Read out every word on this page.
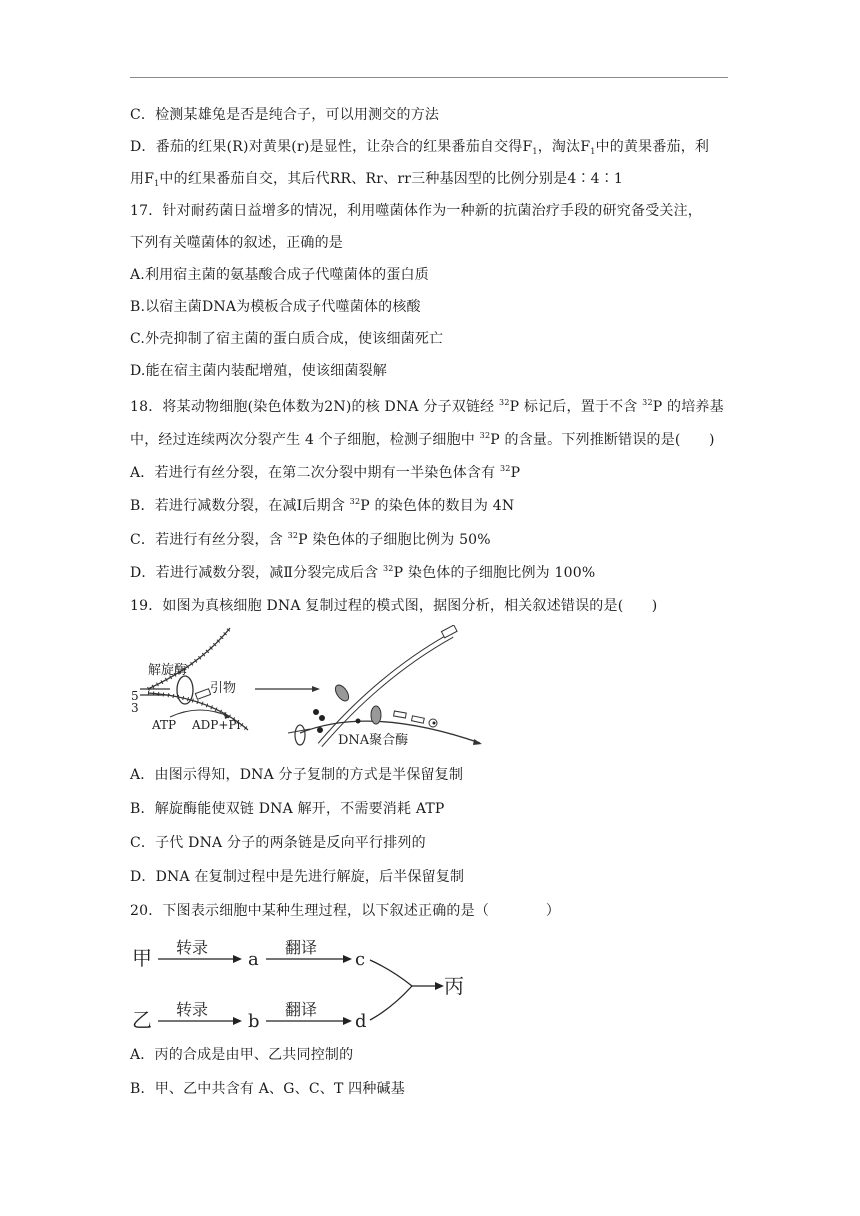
C．检测某雄兔是否是纯合子，可以用测交的方法
D．番茄的红果(R)对黄果(r)是显性，让杂合的红果番茄自交得$F_1$，淘汰$F_1$中的黄果番茄，利
用$F_1$中的红果番茄自交，其后代RR、Rr、rr三种基因型的比例分别是4∶4∶1
17．针对耐药菌日益增多的情况，利用噬菌体作为一种新的抗菌治疗手段的研究备受关注，
下列有关噬菌体的叙述，正确的是
A.利用宿主菌的氨基酸合成子代噬菌体的蛋白质
B.以宿主菌DNA为模板合成子代噬菌体的核酸
C.外壳抑制了宿主菌的蛋白质合成，使该细菌死亡
D.能在宿主菌内装配增殖，使该细菌裂解
18．将某动物细胞(染色体数为2N)的核 DNA 分子双链经 $^{32}$P 标记后，置于不含 $^{32}$P 的培养基
中，经过连续两次分裂产生 4 个子细胞，检测子细胞中 $^{32}$P 的含量。下列推断错误的是(　　)
A．若进行有丝分裂，在第二次分裂中期有一半染色体含有 $^{32}$P
B．若进行减数分裂，在减Ⅰ后期含 $^{32}$P 的染色体的数目为 4N
C．若进行有丝分裂，含 $^{32}$P 染色体的子细胞比例为 50%
D．若进行减数分裂，减Ⅱ分裂完成后含 $^{32}$P 染色体的子细胞比例为 100%
19．如图为真核细胞 DNA 复制过程的模式图，据图分析，相关叙述错误的是(　　)
解旋酶
引物
5
3
ATP ADP+Pi
DNA聚合酶
A．由图示得知，DNA 分子复制的方式是半保留复制
B．解旋酶能使双链 DNA 解开，不需要消耗 ATP
C．子代 DNA 分子的两条链是反向平行排列的
D．DNA 在复制过程中是先进行解旋，后半保留复制
20．下图表示细胞中某种生理过程，以下叙述正确的是（　　　　）
甲
乙
转录
a
翻译
c
转录
b
翻译
d
丙
A．丙的合成是由甲、乙共同控制的
B．甲、乙中共含有 A、G、C、T 四种碱基
